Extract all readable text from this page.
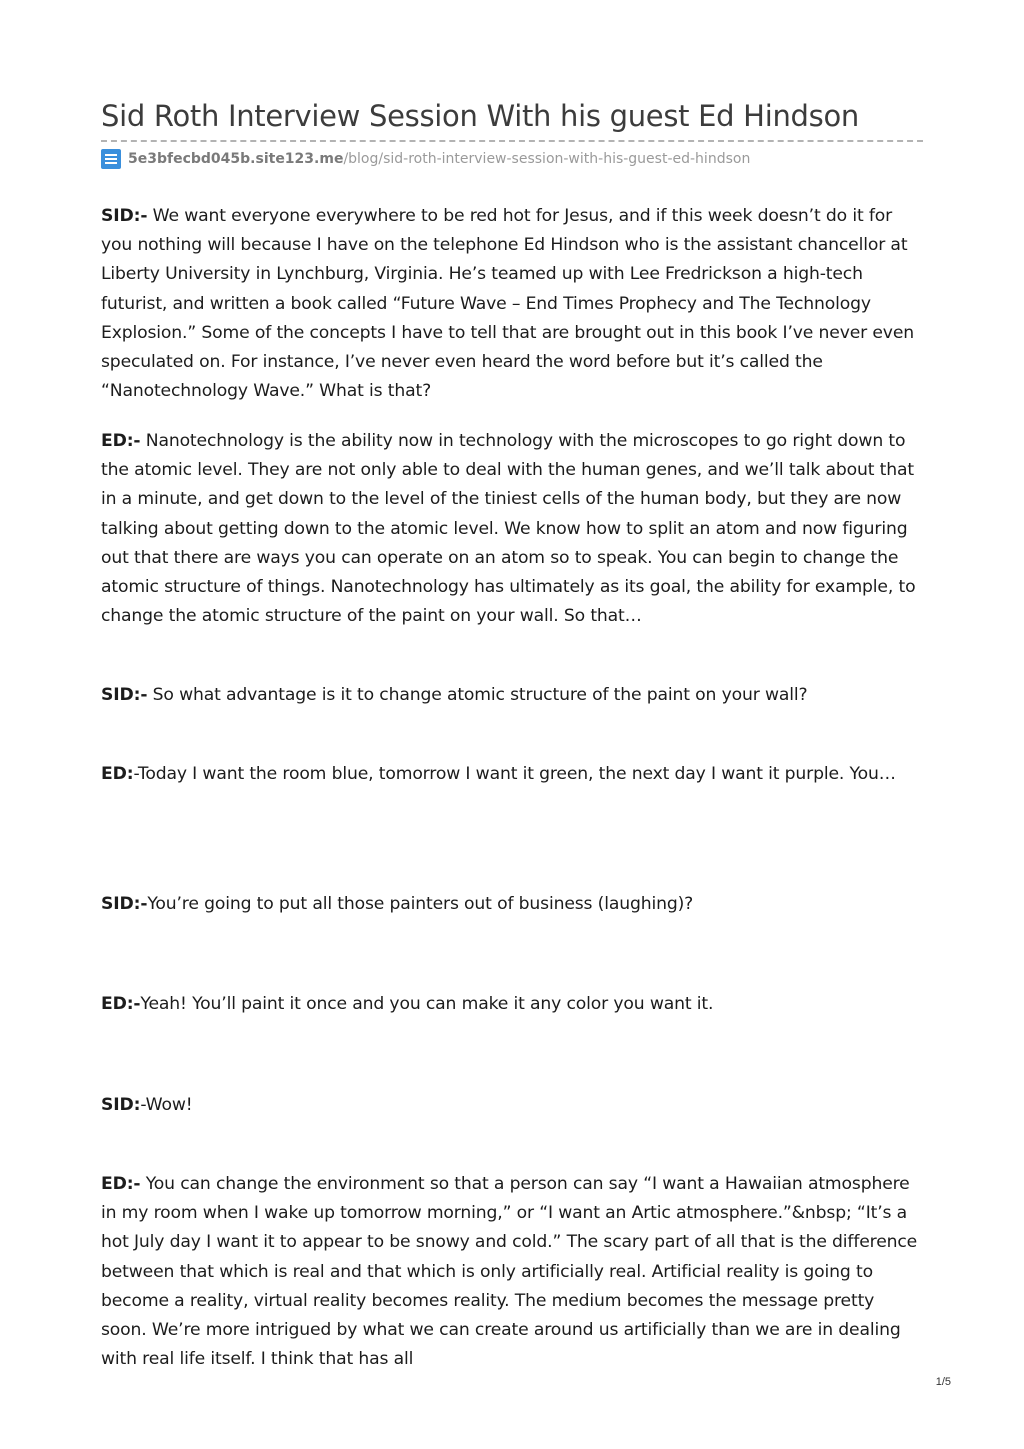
Sid Roth Interview Session With his guest Ed Hindson
5e3bfecbd045b.site123.me /blog/sid-roth-interview-session-with-his-guest-ed-hindson

SID:- We want everyone everywhere to be red hot for Jesus, and if this week doesn’t do it for you nothing will because I have on the telephone Ed Hindson who is the assistant chancellor at Liberty University in Lynchburg, Virginia. He’s teamed up with Lee Fredrickson a high-tech futurist, and written a book called “Future Wave – End Times Prophecy and The Technology Explosion.” Some of the concepts I have to tell that are brought out in this book I’ve never even speculated on. For instance, I’ve never even heard the word before but it’s called the “Nanotechnology Wave.” What is that?

ED:- Nanotechnology is the ability now in technology with the microscopes to go right down to the atomic level. They are not only able to deal with the human genes, and we’ll talk about that in a minute, and get down to the level of the tiniest cells of the human body, but they are now talking about getting down to the atomic level. We know how to split an atom and now figuring out that there are ways you can operate on an atom so to speak. You can begin to change the atomic structure of things. Nanotechnology has ultimately as its goal, the ability for example, to change the atomic structure of the paint on your wall. So that…

SID:- So what advantage is it to change atomic structure of the paint on your wall?

ED:-Today I want the room blue, tomorrow I want it green, the next day I want it purple. You…

SID:-You’re going to put all those painters out of business (laughing)?

ED:-Yeah! You’ll paint it once and you can make it any color you want it.

SID:-Wow!

ED:- You can change the environment so that a person can say “I want a Hawaiian atmosphere in my room when I wake up tomorrow morning,” or “I want an Artic atmosphere.”&nbsp; “It’s a hot July day I want it to appear to be snowy and cold.” The scary part of all that is the difference between that which is real and that which is only artificially real. Artificial reality is going to become a reality, virtual reality becomes reality. The medium becomes the message pretty soon. We’re more intrigued by what we can create around us artificially than we are in dealing with real life itself. I think that has all

1/5
